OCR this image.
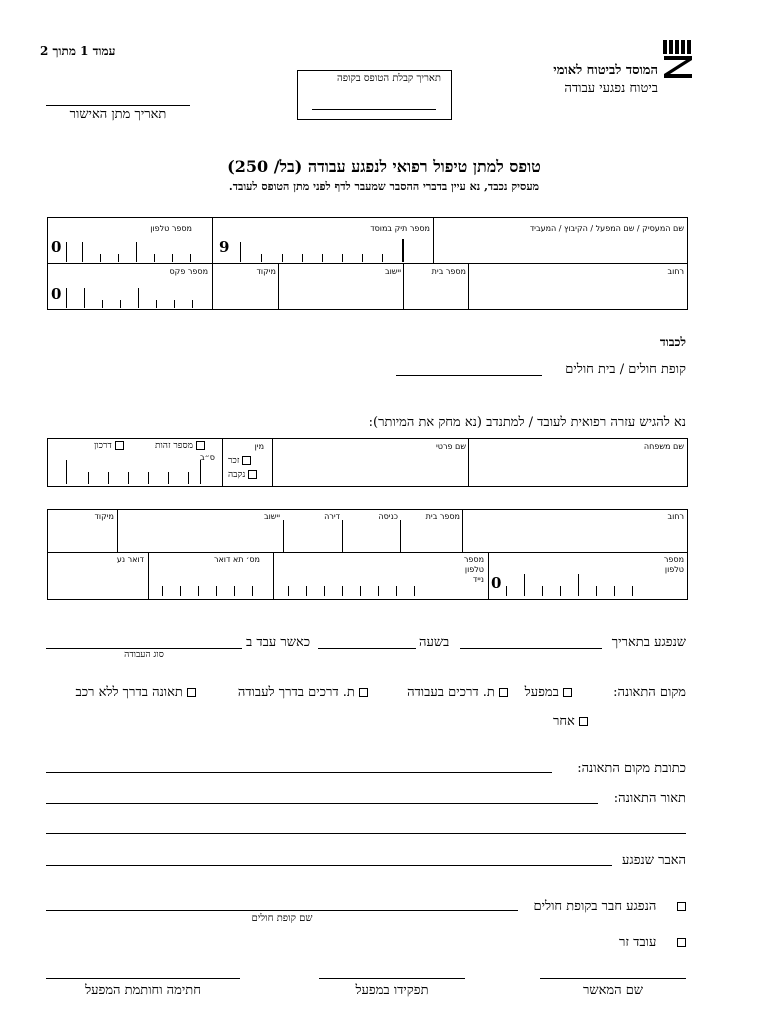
עמוד 1 מתוך 2
המוסד לביטוח לאומי
ביטוח נפגעי עבודה
תאריך קבלת הטופס בקופה
תאריך מתן האישור
טופס למתן טיפול רפואי לנפגע עבודה (בל/ 250)
מעסיק נכבד, נא עיין בדברי ההסבר שמעבר לדף לפני מתן הטופס לעובד.
שם המעסיק / שם המפעל / הקיבוץ / המעביד
מספר תיק במוסד
9
מספר טלפון
0
רחוב
מספר בית
יישוב
מיקוד
מספר פקס
0
לכבוד
קופת חולים / בית חולים
נא להגיש עזרה רפואית לעובד / למתנדב (נא מחק את המיותר):
שם משפחה
שם פרטי
מין
זכר
נקבה
מספר זהות
דרכון
ס״ב
רחוב
מספר בית
כניסה
דירה
יישוב
מיקוד
מספר טלפון
מספר טלפון נייד 0
מס׳ תא דואר
דואר נע
שנפגע בתאריך
בשעה
כאשר עבד ב
סוג העבודה
מקום התאונה:
במפעל
ת. דרכים בעבודה
ת. דרכים בדרך לעבודה
תאונה בדרך ללא רכב
אחר
כתובת מקום התאונה:
תאור התאונה:
האבר שנפגע
הנפגע חבר בקופת חולים
שם קופת חולים
עובד זר
שם המאשר
תפקידו במפעל
חתימה וחותמת המפעל
